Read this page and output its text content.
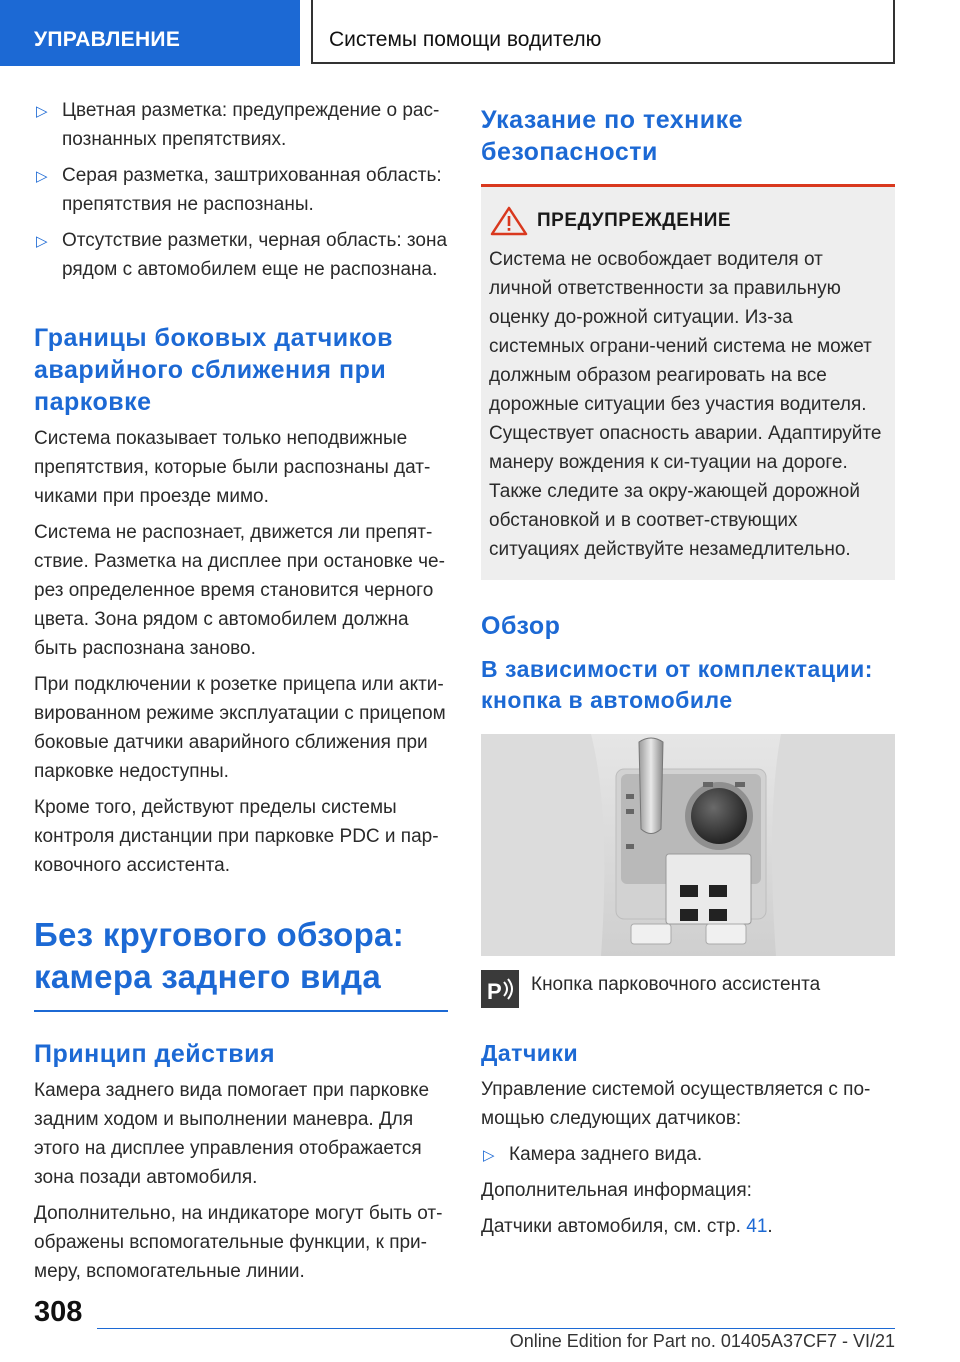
УПРАВЛЕНИЕ	Системы помощи водителю
▷ Цветная разметка: предупреждение о рас-познанных препятствиях.
▷ Серая разметка, заштрихованная область: препятствия не распознаны.
▷ Отсутствие разметки, черная область: зона рядом с автомобилем еще не распознана.
Границы боковых датчиков аварийного сближения при парковке

Система показывает только неподвижные препятствия, которые были распознаны дат-чиками при проезде мимо.

Система не распознает, движется ли препят-ствие. Разметка на дисплее при остановке че-рез определенное время становится черного цвета. Зона рядом с автомобилем должна быть распознана заново.

При подключении к розетке прицепа или акти-вированном режиме эксплуатации с прицепом боковые датчики аварийного сближения при парковке недоступны.

Кроме того, действуют пределы системы контроля дистанции при парковке PDC и пар-ковочного ассистента.

Без кругового обзора: камера заднего вида
Принцип действия

Камера заднего вида помогает при парковке задним ходом и выполнении маневра. Для этого на дисплее управления отображается зона позади автомобиля.

Дополнительно, на индикаторе могут быть от-ображены вспомогательные функции, к при-меру, вспомогательные линии.

Указание по технике безопасности
ПРЕДУПРЕЖДЕНИЕ

Система не освобождает водителя от личной ответственности за правильную оценку до-рожной ситуации. Из-за системных ограни-чений система не может должным образом реагировать на все дорожные ситуации без участия водителя. Существует опасность аварии. Адаптируйте манеру вождения к си-туации на дороге. Также следите за окру-жающей дорожной обстановкой и в соответ-ствующих ситуациях действуйте незамедлительно.

Обзор
В зависимости от комплектации: кнопка в автомобиле
P Кнопка парковочного ассистента

Датчики

Управление системой осуществляется с по-мощью следующих датчиков:

▷ Камера заднего вида.

Дополнительная информация:

Датчики автомобиля, см. стр. 41.

308
Online Edition for Part no. 01405A37CF7 - VI/21
